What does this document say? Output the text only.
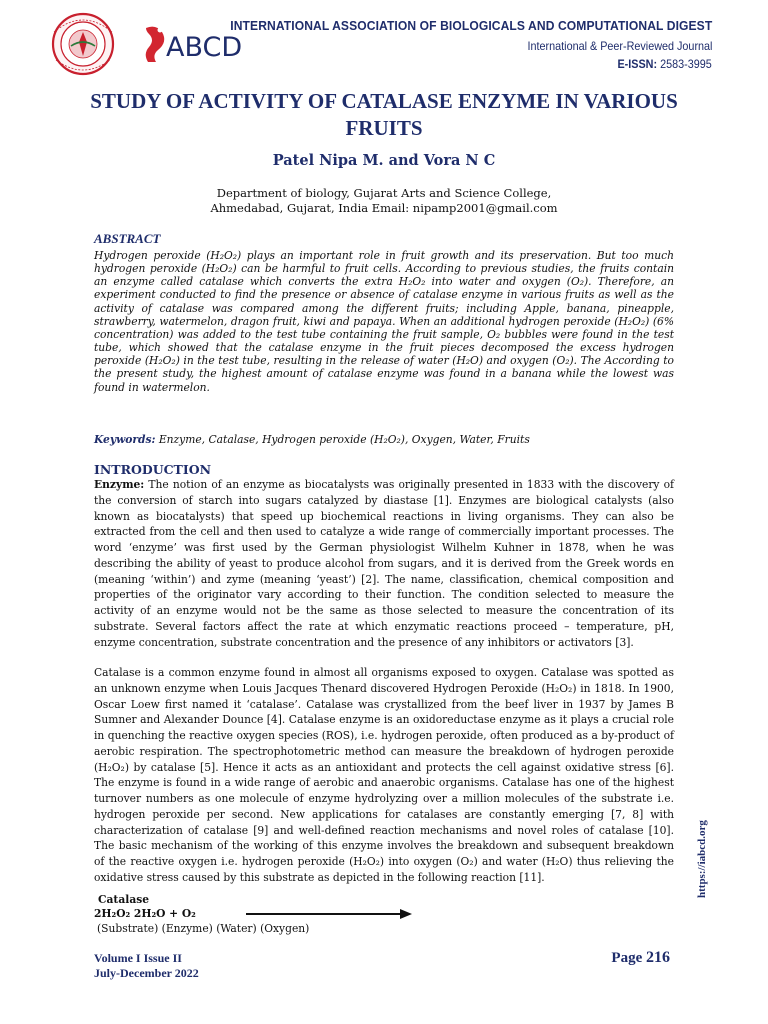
ABCD
INTERNATIONAL ASSOCIATION OF BIOLOGICALS AND COMPUTATIONAL DIGEST
International & Peer-Reviewed Journal
E-ISSN: 2583-3995
STUDY OF ACTIVITY OF CATALASE ENZYME IN VARIOUS FRUITS
Patel Nipa M. and Vora N C
Department of biology, Gujarat Arts and Science College,
Ahmedabad, Gujarat, India Email: nipamp2001@gmail.com
ABSTRACT

Hydrogen peroxide (H₂O₂) plays an important role in fruit growth and its preservation. But too much hydrogen peroxide (H₂O₂) can be harmful to fruit cells. According to previous studies, the fruits contain an enzyme called catalase which converts the extra H₂O₂ into water and oxygen (O₂). Therefore, an experiment conducted to find the presence or absence of catalase enzyme in various fruits as well as the activity of catalase was compared among the different fruits; including Apple, banana, pineapple, strawberry, watermelon, dragon fruit, kiwi and papaya. When an additional hydrogen peroxide (H₂O₂) (6% concentration) was added to the test tube containing the fruit sample, O₂ bubbles were found in the test tube, which showed that the catalase enzyme in the fruit pieces decomposed the excess hydrogen peroxide (H₂O₂) in the test tube, resulting in the release of water (H₂O) and oxygen (O₂). The According to the present study, the highest amount of catalase enzyme was found in a banana while the lowest was found in watermelon.

Keywords: Enzyme, Catalase, Hydrogen peroxide (H₂O₂), Oxygen, Water, Fruits

INTRODUCTION

Enzyme: The notion of an enzyme as biocatalysts was originally presented in 1833 with the discovery of the conversion of starch into sugars catalyzed by diastase [1]. Enzymes are biological catalysts (also known as biocatalysts) that speed up biochemical reactions in living organisms. They can also be extracted from the cell and then used to catalyze a wide range of commercially important processes. The word ‘enzyme’ was first used by the German physiologist Wilhelm Kuhner in 1878, when he was describing the ability of yeast to produce alcohol from sugars, and it is derived from the Greek words en (meaning ‘within’) and zyme (meaning ‘yeast’) [2]. The name, classification, chemical composition and properties of the originator vary according to their function. The condition selected to measure the activity of an enzyme would not be the same as those selected to measure the concentration of its substrate. Several factors affect the rate at which enzymatic reactions proceed – temperature, pH, enzyme concentration, substrate concentration and the presence of any inhibitors or activators [3].

Catalase is a common enzyme found in almost all organisms exposed to oxygen. Catalase was spotted as an unknown enzyme when Louis Jacques Thenard discovered Hydrogen Peroxide (H₂O₂) in 1818. In 1900, Oscar Loew first named it ‘catalase’. Catalase was crystallized from the beef liver in 1937 by James B Sumner and Alexander Dounce [4]. Catalase enzyme is an oxidoreductase enzyme as it plays a crucial role in quenching the reactive oxygen species (ROS), i.e. hydrogen peroxide, often produced as a by-product of aerobic respiration. The spectrophotometric method can measure the breakdown of hydrogen peroxide (H₂O₂) by catalase [5]. Hence it acts as an antioxidant and protects the cell against oxidative stress [6]. The enzyme is found in a wide range of aerobic and anaerobic organisms. Catalase has one of the highest turnover numbers as one molecule of enzyme hydrolyzing over a million molecules of the substrate i.e. hydrogen peroxide per second. New applications for catalases are constantly emerging [7, 8] with characterization of catalase [9] and well-defined reaction mechanisms and novel roles of catalase [10]. The basic mechanism of the working of this enzyme involves the breakdown and subsequent breakdown of the reactive oxygen i.e. hydrogen peroxide (H₂O₂) into oxygen (O₂) and water (H₂O) thus relieving the oxidative stress caused by this substrate as depicted in the following reaction [11].

Catalase
2H₂O₂ 2H₂O + O₂
(Substrate) (Enzyme) (Water) (Oxygen)
https://iabcd.org
Volume I Issue II
July-December 2022
Page 216
